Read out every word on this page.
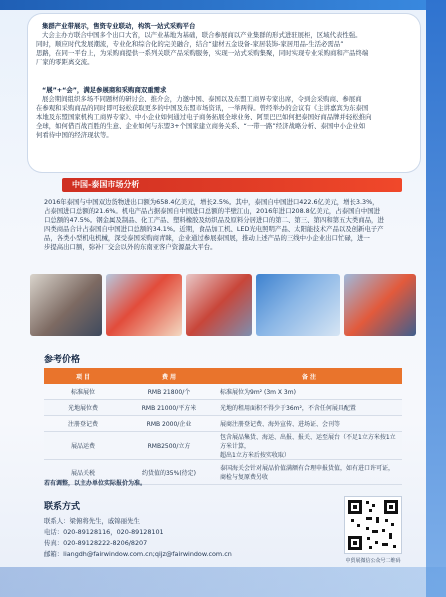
集群产业带展示，售资专业联动，构筑一站式采购平台
大会主办方联合中国多个出口大省，以产业基地为基础，联合参展商以产业集群的形式进驻展柜，区域代表性强。
同时，顺应时代发展潮流，专业化和综合化的完美融合，结合“建材五金设备-家居装饰-家居用品-生活必需品”
思路，在同一平台上，为采购商提供一系列关联产品采购服务，实现一站式采购集聚，同时实现专业采购商和产品终端
厂家的零距离交流。
“展”+“会”，满足参展商和采购商双重需求
展会期间组织多场不同题材的研讨会、推介会，力邀中国、泰国以及东盟工商界专家出席，令到会采购商、参展商
在参观和采购商品的同时即可轻松获取更多的中国及东盟市场资讯，一举两得。曾经举办的会议有《主讲嘉宾为东泰国
本地及东盟国家机构工商界专家》、中小企业如何通过电子商务拓展全球业务、阿里巴巴如何把泰国好商品牌并轻松推向
全球，如何借百战百胜的生意、企业如何与东盟3+个国家建立商务关系、“一带一路”经济战略分析、泰国中小企业如
何看待中国的经济现状等。
中国-泰国市场分析
2016年泰国与中国双边货物进出口额为658.4亿美元，增长2.5%。其中，泰国自中国进口422.6亿美元，增长3.3%，
占泰国进口总额的21.6%。机电产品占据泰国自中国进口总额的半壁江山，2016年进口208.8亿美元，占泰国自中国进
口总额的47.5%。钢金属及制品、化工产品、塑料橡胶及纺织品及原料分居进口的第二、第三、第四和第五大类商品，进
四类商品合计占泰国自中国进口总额的34.1%。近期，食品加工机、LED光电照明产品、太阳能技术产品以及创新电子产
品，各类小型机电机械，深受泰国采购商青睐，企业通过参展泰国展，推动上述产品的三线中小企业出口忙碌，进一
步提高出口额，弥补厂交会以外的东南亚客户资源最大平台。
参考价格
项 目	费 用	备 注
标准展位	RMB 21800/个	标准展位为9m² (3m X 3m)
光地展位费	RMB 21000/平方米	光地的租用面积不得少于36m²，不含任何展具配置
注册登记费	RMB 2000/企业	展商注册登记费、海外宣传、进场证、会刊等
展品运费	RMB2500/立方	包含展品集货、海运、出报、报关、运至展台（不足1立方米按1立方米计算，
超出1立方米后按实收取）

展品关税	约货值的35%(待定)	泰国海关会针对展品价值满额有合理申报货值，如有进口许可证，
商检与复原费另收
若有调整，以主办单位实际报价为准。
联系方式
联系人：梁俯将先生，戚锦丽先生
电话：020-89128116，020-89128101
传真：020-89128222-8206/8207
邮箱：liangdh@fairwindow.com.cn;qijz@fairwindow.com.cn
中贸展微信公众号二维码
